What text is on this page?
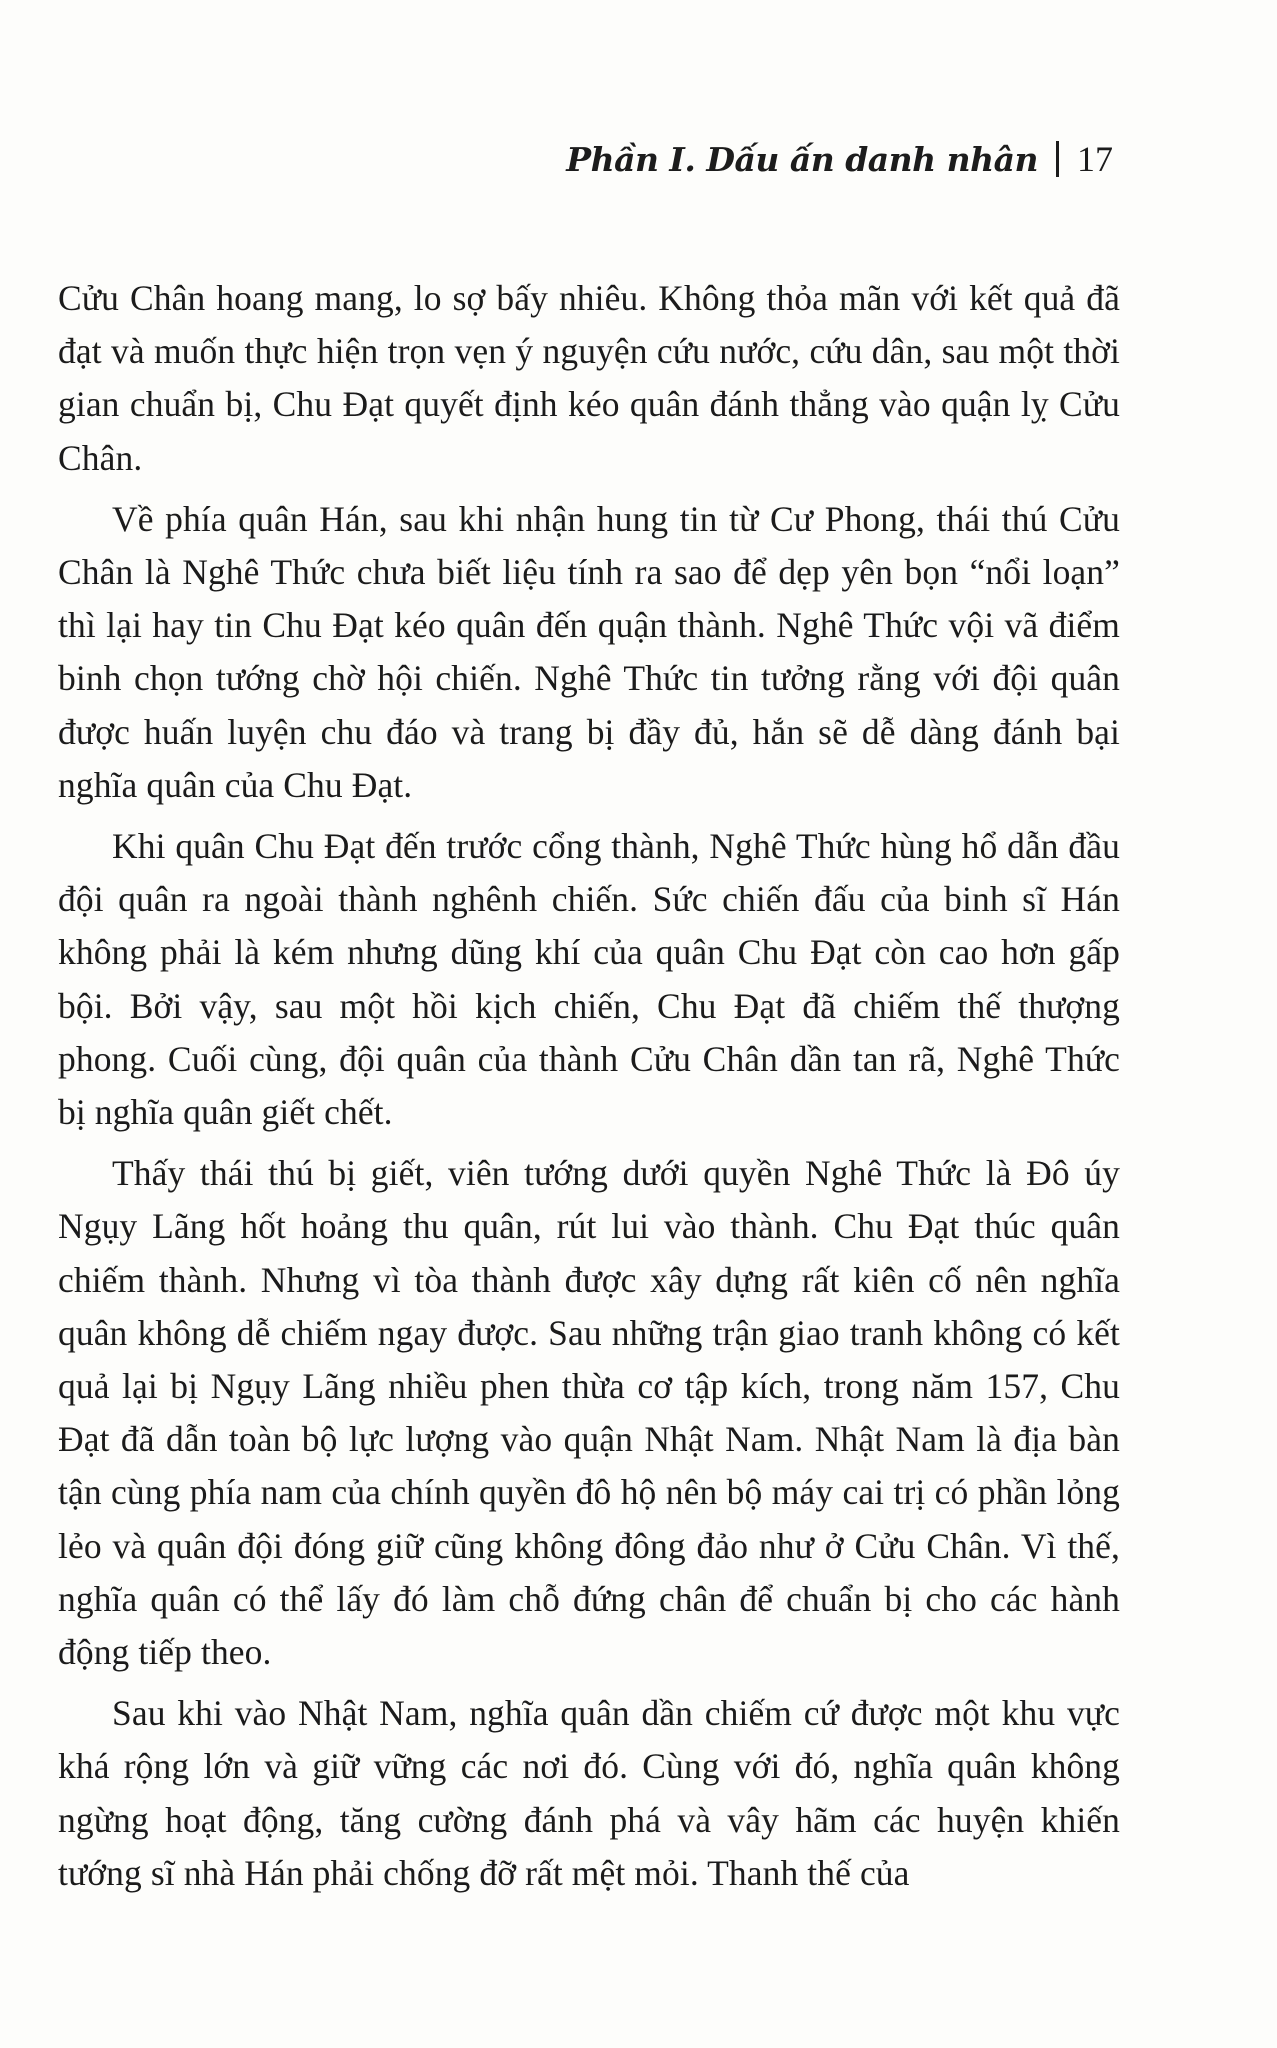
Phần I. Dấu ấn danh nhân 17

Cửu Chân hoang mang, lo sợ bấy nhiêu. Không thỏa mãn với kết quả đã đạt và muốn thực hiện trọn vẹn ý nguyện cứu nước, cứu dân, sau một thời gian chuẩn bị, Chu Đạt quyết định kéo quân đánh thẳng vào quận lỵ Cửu Chân.

Về phía quân Hán, sau khi nhận hung tin từ Cư Phong, thái thú Cửu Chân là Nghê Thức chưa biết liệu tính ra sao để dẹp yên bọn “nổi loạn” thì lại hay tin Chu Đạt kéo quân đến quận thành. Nghê Thức vội vã điểm binh chọn tướng chờ hội chiến. Nghê Thức tin tưởng rằng với đội quân được huấn luyện chu đáo và trang bị đầy đủ, hắn sẽ dễ dàng đánh bại nghĩa quân của Chu Đạt.

Khi quân Chu Đạt đến trước cổng thành, Nghê Thức hùng hổ dẫn đầu đội quân ra ngoài thành nghênh chiến. Sức chiến đấu của binh sĩ Hán không phải là kém nhưng dũng khí của quân Chu Đạt còn cao hơn gấp bội. Bởi vậy, sau một hồi kịch chiến, Chu Đạt đã chiếm thế thượng phong. Cuối cùng, đội quân của thành Cửu Chân dần tan rã, Nghê Thức bị nghĩa quân giết chết.

Thấy thái thú bị giết, viên tướng dưới quyền Nghê Thức là Đô úy Ngụy Lãng hốt hoảng thu quân, rút lui vào thành. Chu Đạt thúc quân chiếm thành. Nhưng vì tòa thành được xây dựng rất kiên cố nên nghĩa quân không dễ chiếm ngay được. Sau những trận giao tranh không có kết quả lại bị Ngụy Lãng nhiều phen thừa cơ tập kích, trong năm 157, Chu Đạt đã dẫn toàn bộ lực lượng vào quận Nhật Nam. Nhật Nam là địa bàn tận cùng phía nam của chính quyền đô hộ nên bộ máy cai trị có phần lỏng lẻo và quân đội đóng giữ cũng không đông đảo như ở Cửu Chân. Vì thế, nghĩa quân có thể lấy đó làm chỗ đứng chân để chuẩn bị cho các hành động tiếp theo.

Sau khi vào Nhật Nam, nghĩa quân dần chiếm cứ được một khu vực khá rộng lớn và giữ vững các nơi đó. Cùng với đó, nghĩa quân không ngừng hoạt động, tăng cường đánh phá và vây hãm các huyện khiến tướng sĩ nhà Hán phải chống đỡ rất mệt mỏi. Thanh thế của
